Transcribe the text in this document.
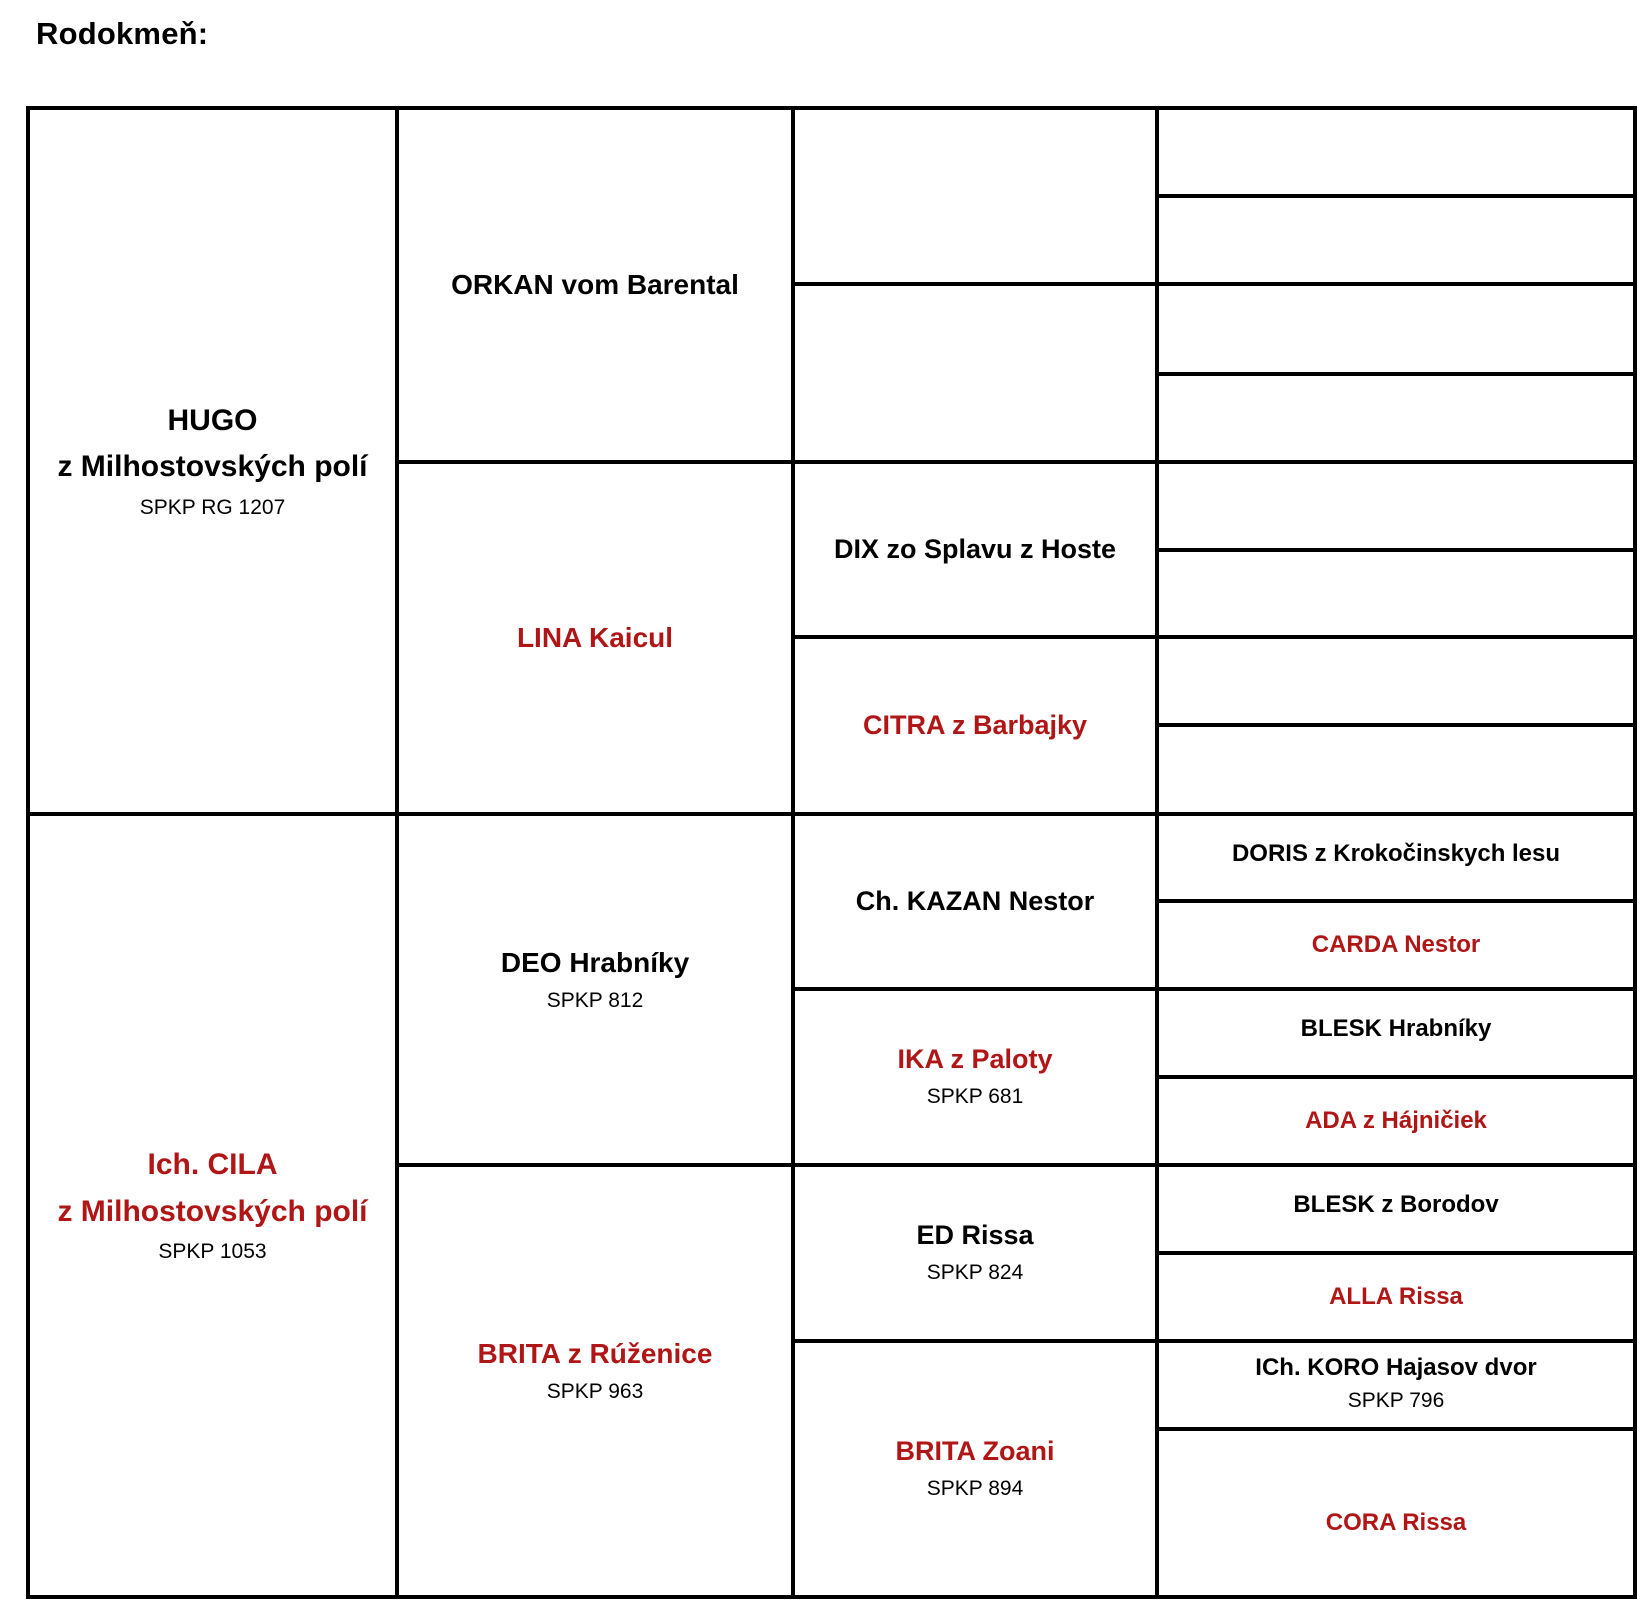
Rodokmeň:
HUGO
z Milhostovských polí
SPKP RG 1207
Ich. CILA
z Milhostovských polí
SPKP 1053
ORKAN vom Barental
LINA Kaicul
DEO Hrabníky
SPKP 812
BRITA z Rúženice
SPKP 963
DIX zo Splavu z Hoste
CITRA z Barbajky
Ch. KAZAN Nestor
IKA z Paloty
SPKP 681
ED Rissa
SPKP 824
BRITA Zoani
SPKP 894
DORIS z Krokočinskych lesu
CARDA Nestor
BLESK Hrabníky
ADA z Hájničiek
BLESK z Borodov
ALLA Rissa
ICh. KORO Hajasov dvor
SPKP 796
CORA Rissa
